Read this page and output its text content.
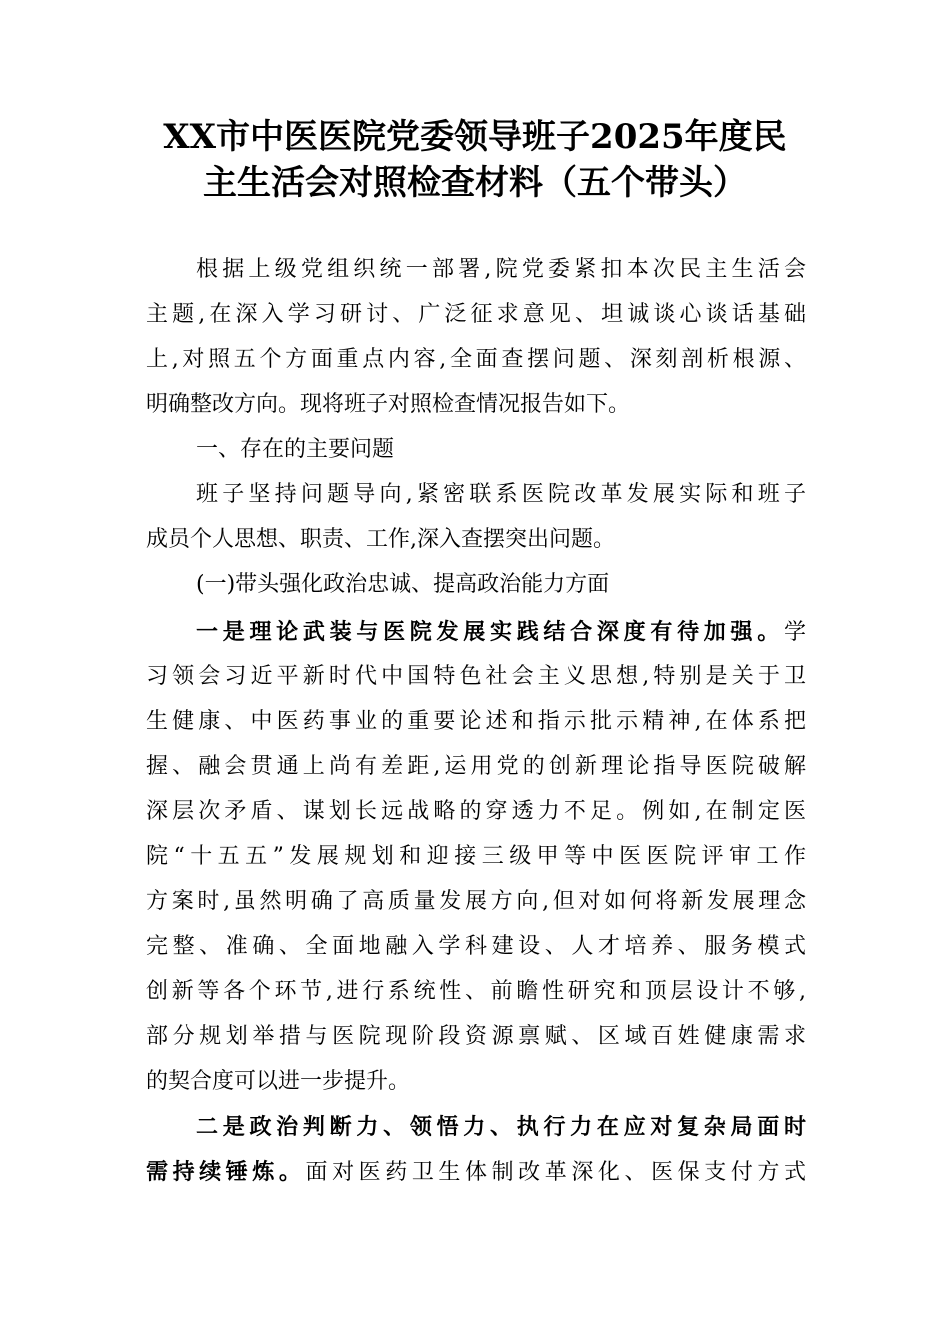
XX市中医医院党委领导班子2025年度民
主生活会对照检查材料（五个带头）
根据上级党组织统一部署,院党委紧扣本次民主生活会
主题,在深入学习研讨、广泛征求意见、坦诚谈心谈话基础
上,对照五个方面重点内容,全面查摆问题、深刻剖析根源、
明确整改方向。现将班子对照检查情况报告如下。
一、存在的主要问题
班子坚持问题导向,紧密联系医院改革发展实际和班子
成员个人思想、职责、工作,深入查摆突出问题。
(一)带头强化政治忠诚、提高政治能力方面
一是理论武装与医院发展实践结合深度有待加强。学
习领会习近平新时代中国特色社会主义思想,特别是关于卫
生健康、中医药事业的重要论述和指示批示精神,在体系把
握、融会贯通上尚有差距,运用党的创新理论指导医院破解
深层次矛盾、谋划长远战略的穿透力不足。例如,在制定医
院“十五五”发展规划和迎接三级甲等中医医院评审工作
方案时,虽然明确了高质量发展方向,但对如何将新发展理念
完整、准确、全面地融入学科建设、人才培养、服务模式
创新等各个环节,进行系统性、前瞻性研究和顶层设计不够,
部分规划举措与医院现阶段资源禀赋、区域百姓健康需求
的契合度可以进一步提升。
二是政治判断力、领悟力、执行力在应对复杂局面时
需持续锤炼。面对医药卫生体制改革深化、医保支付方式
